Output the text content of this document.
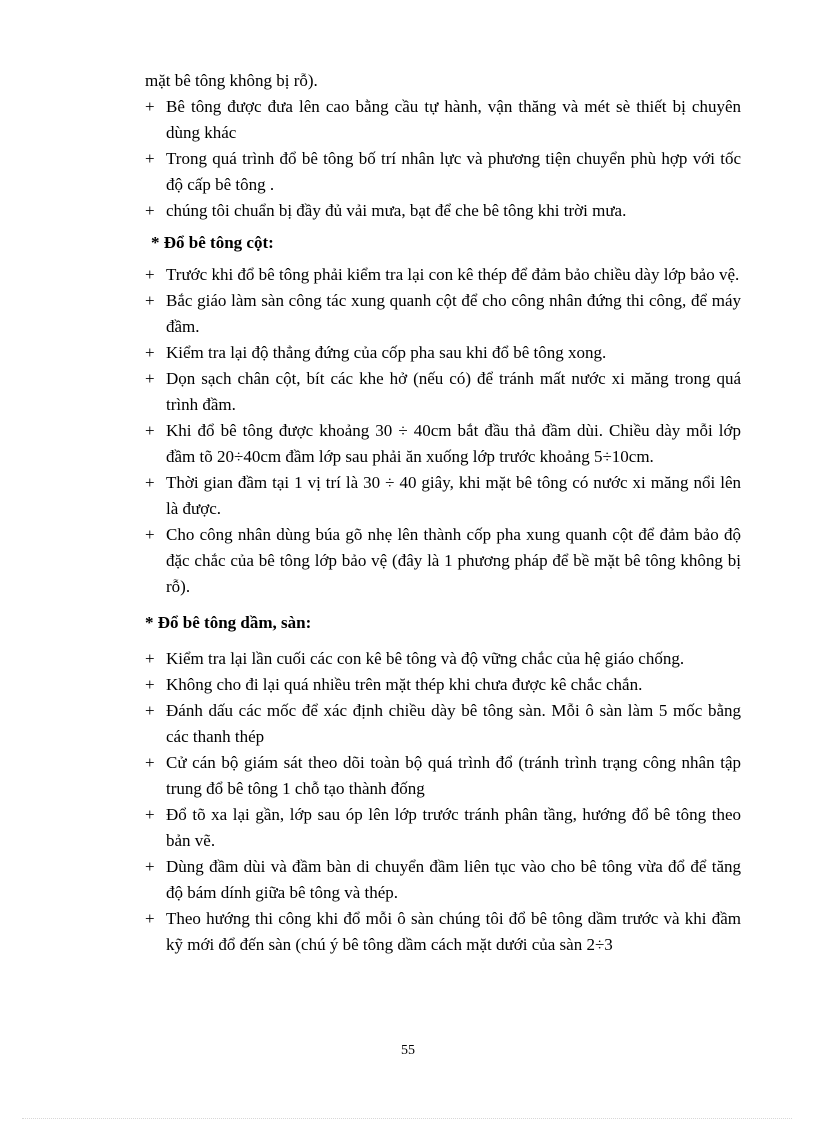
mặt bê tông không bị rỗ).
+ Bê tông được đưa lên cao bằng cầu tự hành, vận thăng và mét sè thiết bị chuyên dùng khác
+ Trong quá trình đổ bê tông bố trí nhân lực và phương tiện chuyển phù hợp với tốc độ cấp bê tông .
+ chúng tôi chuẩn bị đầy đủ vải mưa, bạt để che bê tông khi trời mưa.
* Đổ bê tông cột:
+ Trước khi đổ bê tông phải kiểm tra lại con kê thép để đảm bảo chiều dày lớp bảo vệ.
+ Bắc giáo làm sàn công tác xung quanh cột để cho công nhân đứng thi công, để máy đầm.
+ Kiểm tra lại độ thẳng đứng của cốp pha sau khi đổ bê tông xong.
+ Dọn sạch chân cột, bít các khe hở (nếu có) để tránh mất nước xi măng trong quá trình đầm.
+ Khi đổ bê tông được khoảng 30 ÷ 40cm bắt đầu thả đầm dùi. Chiều dày mỗi lớp đầm tõ 20÷40cm đầm lớp sau phải ăn xuống lớp trước khoảng 5÷10cm.
+ Thời gian đầm tại 1 vị trí là 30 ÷ 40 giây, khi mặt bê tông có nước xi măng nổi lên là được.
+ Cho công nhân dùng búa gõ nhẹ lên thành cốp pha xung quanh cột để đảm bảo độ đặc chắc của bê tông lớp bảo vệ (đây là 1 phương pháp để bề mặt bê tông không bị rỗ).
* Đổ bê tông dầm, sàn:
+ Kiểm tra lại lần cuối các con kê bê tông và độ vững chắc của hệ giáo chống.
+ Không cho đi lại quá nhiều trên mặt thép khi chưa được kê chắc chắn.
+ Đánh dấu các mốc để xác định chiều dày bê tông sàn. Mỗi ô sàn làm 5 mốc bằng các thanh thép
+ Cử cán bộ giám sát theo dõi toàn bộ quá trình đổ (tránh trình trạng công nhân tập trung đổ bê tông 1 chỗ tạo thành đống
+ Đổ tõ xa lại gần, lớp sau óp lên lớp trước tránh phân tầng, hướng đổ bê tông theo bản vẽ.
+ Dùng đầm dùi và đầm bàn di chuyển đầm liên tục vào cho bê tông vừa đổ để tăng độ bám dính giữa bê tông và thép.
+ Theo hướng thi công khi đổ mỗi ô sàn chúng tôi đổ bê tông dầm trước và khi đầm kỹ mới đổ đến sàn (chú ý bê tông dầm cách mặt dưới của sàn 2÷3
55
